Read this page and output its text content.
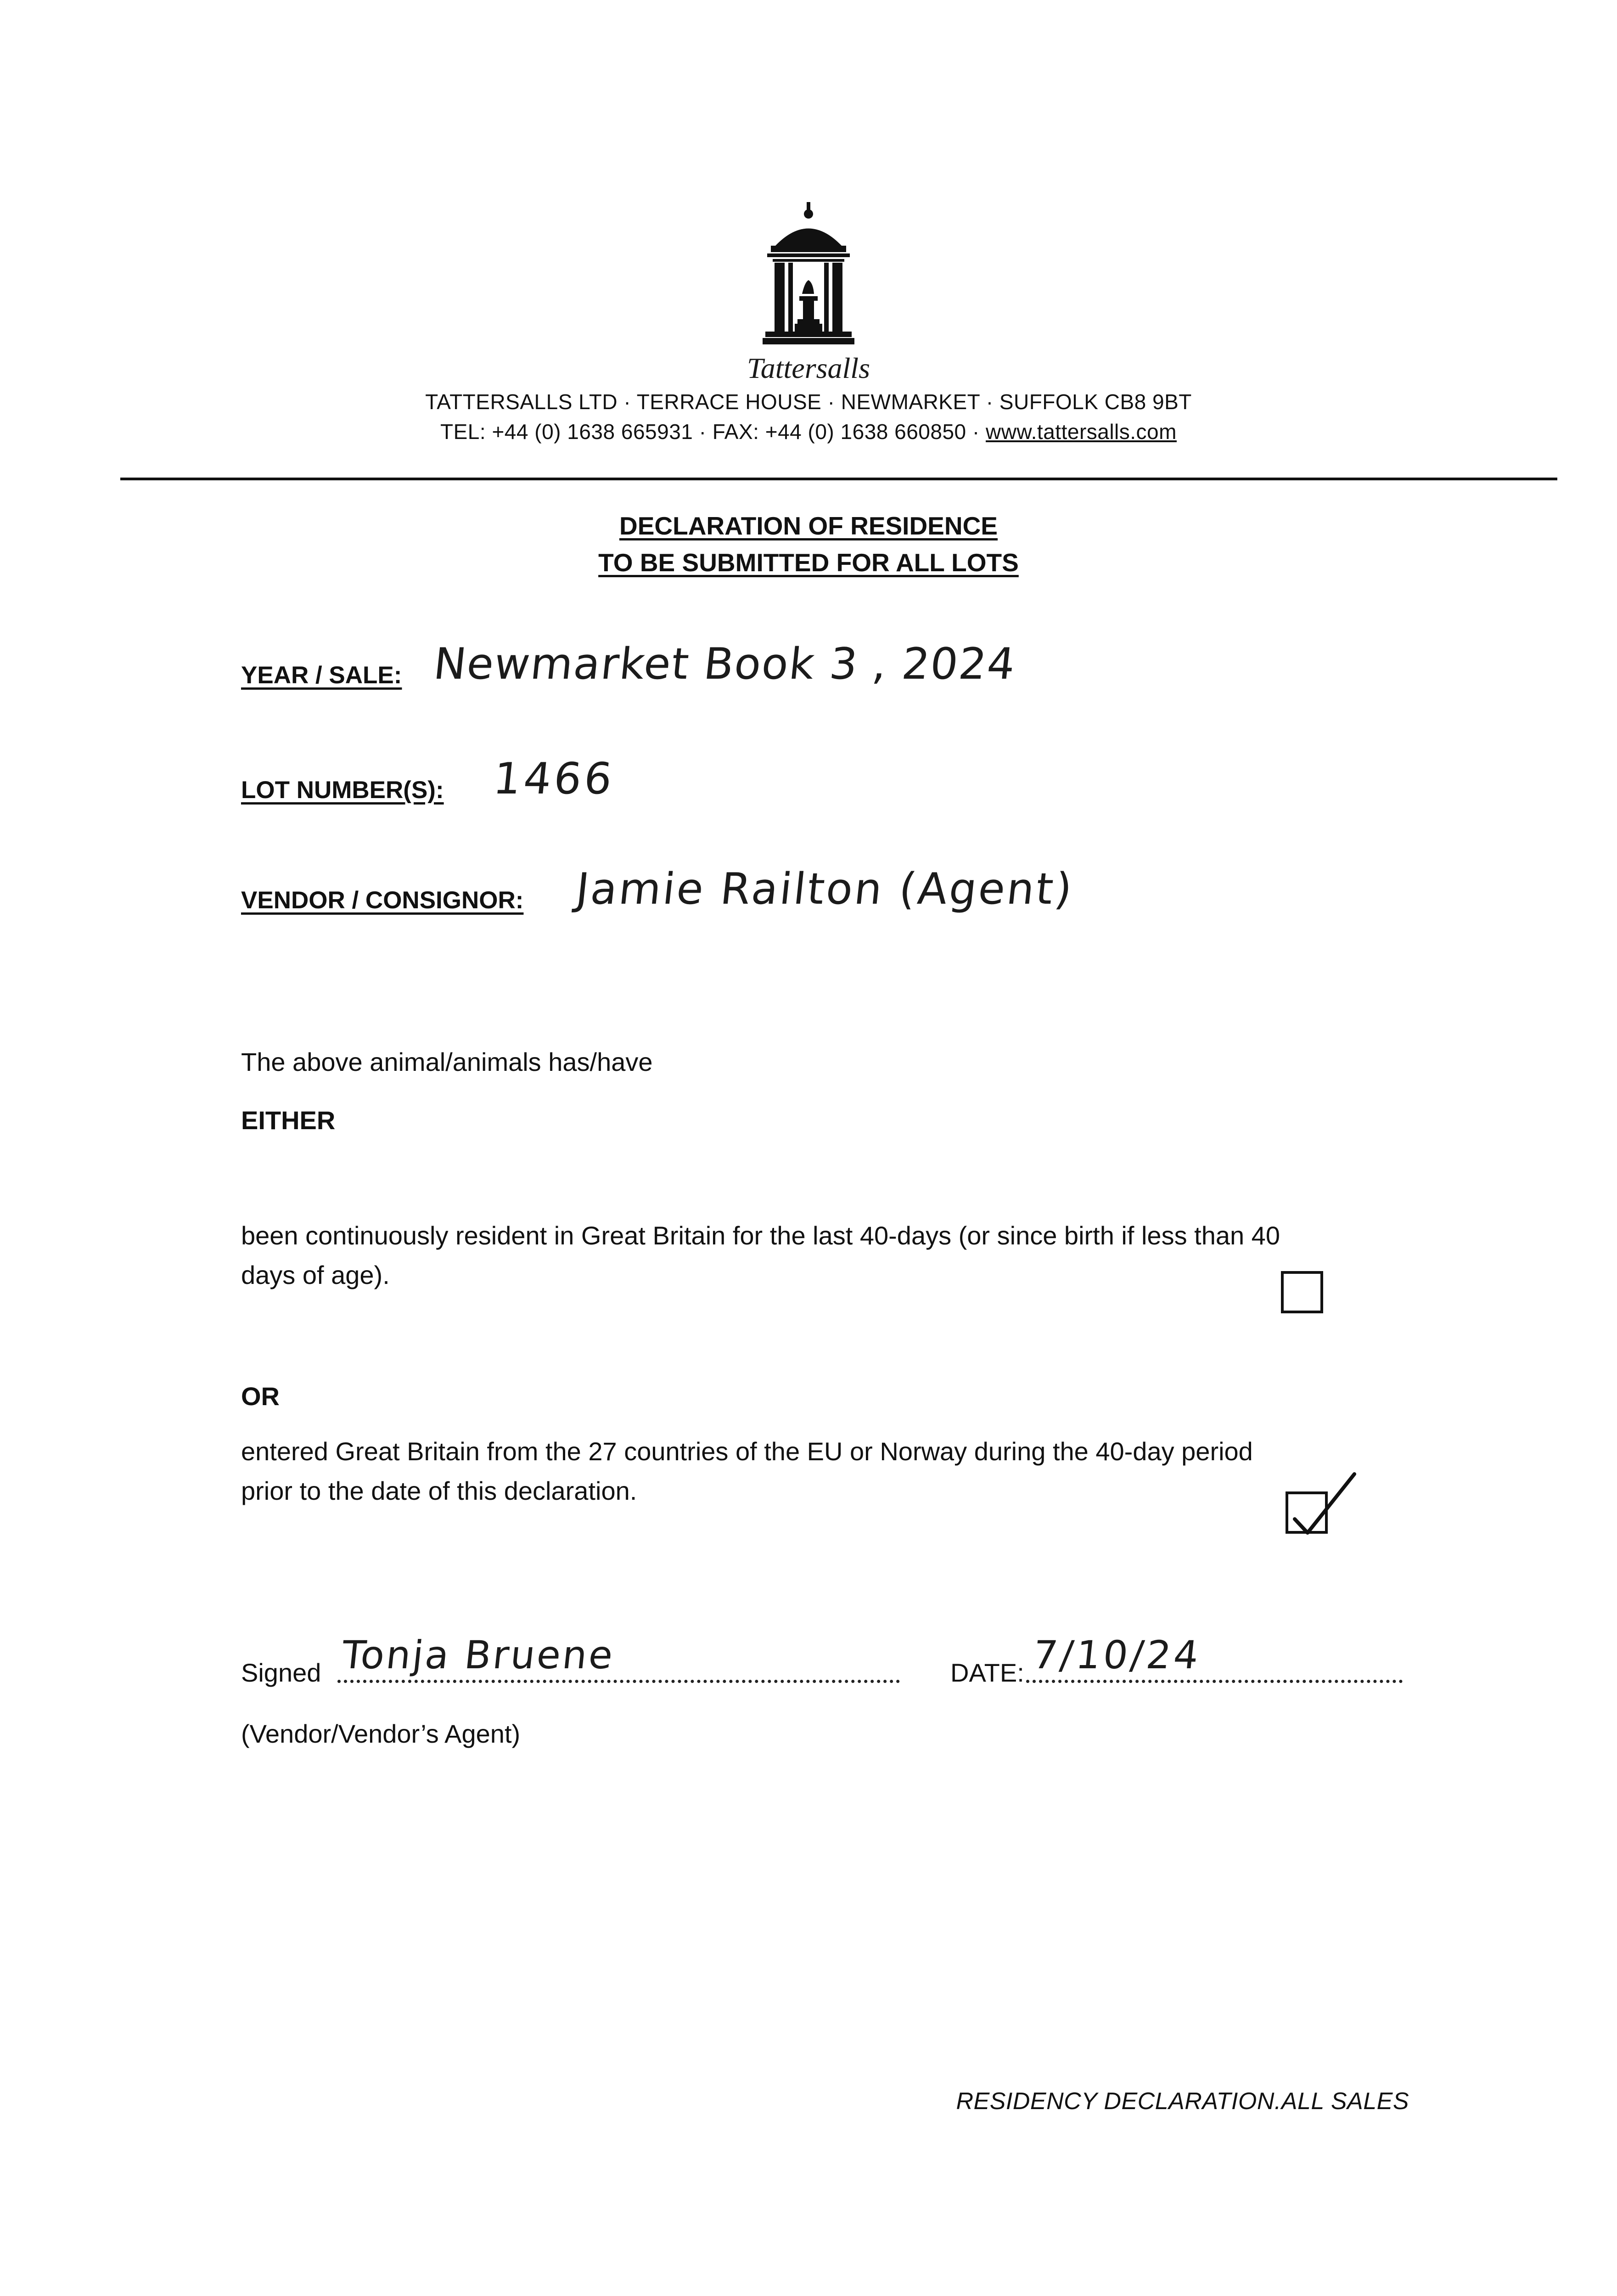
Tattersalls
TATTERSALLS LTD · TERRACE HOUSE · NEWMARKET · SUFFOLK CB8 9BT
TEL: +44 (0) 1638 665931 · FAX: +44 (0) 1638 660850 · www.tattersalls.com
DECLARATION OF RESIDENCE
TO BE SUBMITTED FOR ALL LOTS
YEAR / SALE: Newmarket Book 3 , 2024
LOT NUMBER(S): 1466
VENDOR / CONSIGNOR: Jamie Railton (Agent)
The above animal/animals has/have
EITHER
been continuously resident in Great Britain for the last 40-days (or since birth if less than 40
days of age).
OR
entered Great Britain from the 27 countries of the EU or Norway during the 40-day period
prior to the date of this declaration.
Signed Tonja Bruene	DATE: 7/10/24
(Vendor/Vendor’s Agent)
RESIDENCY DECLARATION.ALL SALES
